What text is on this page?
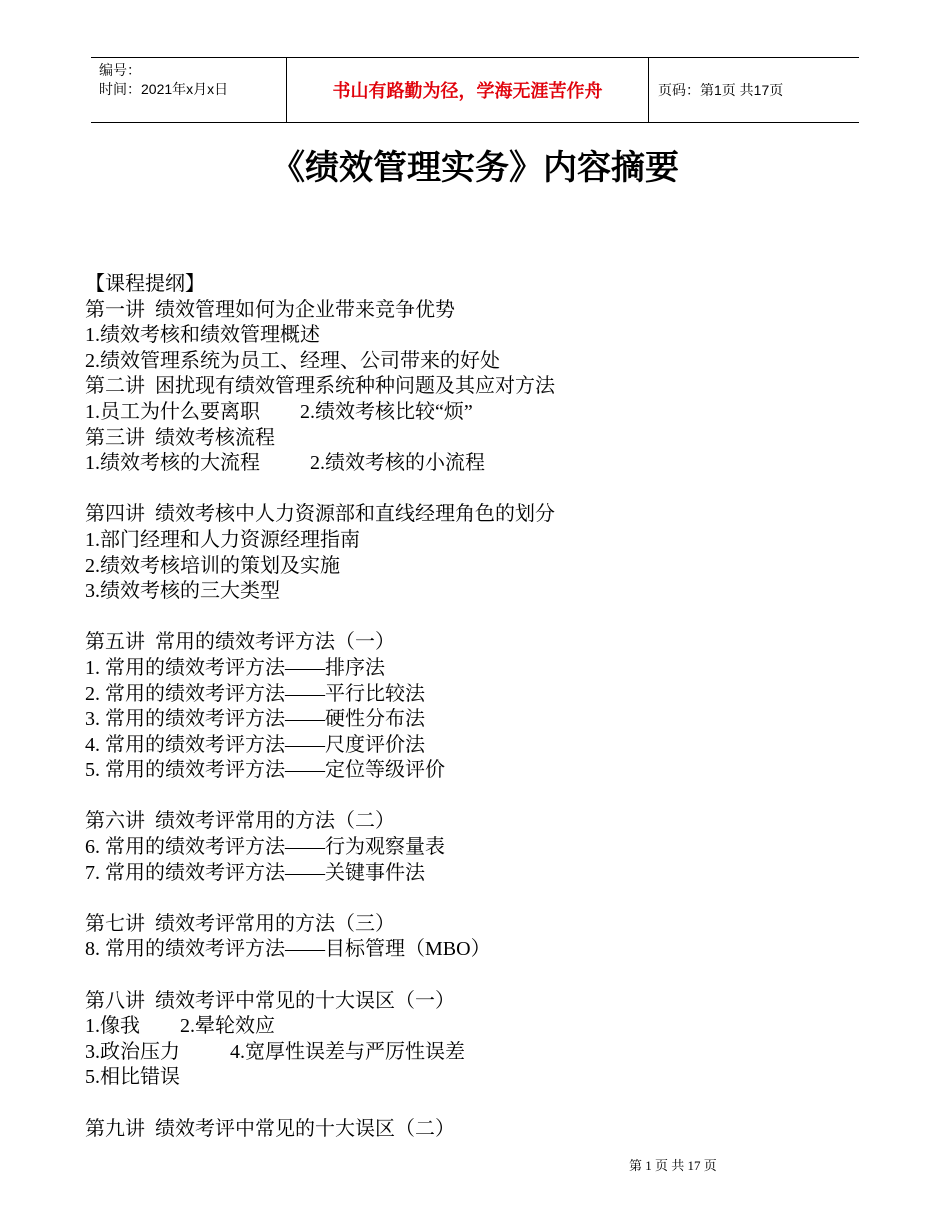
编号：
时间：2021年x月x日	书山有路勤为径，学海无涯苦作舟	页码：第1页 共17页
《绩效管理实务》内容摘要
【课程提纲】
第一讲  绩效管理如何为企业带来竞争优势
1.绩效考核和绩效管理概述
2.绩效管理系统为员工、经理、公司带来的好处
第二讲  困扰现有绩效管理系统种种问题及其应对方法
1.员工为什么要离职        2.绩效考核比较“烦”
第三讲  绩效考核流程
1.绩效考核的大流程          2.绩效考核的小流程
第四讲  绩效考核中人力资源部和直线经理角色的划分
1.部门经理和人力资源经理指南
2.绩效考核培训的策划及实施
3.绩效考核的三大类型
第五讲  常用的绩效考评方法（一）
1. 常用的绩效考评方法——排序法
2. 常用的绩效考评方法——平行比较法
3. 常用的绩效考评方法——硬性分布法
4. 常用的绩效考评方法——尺度评价法
5. 常用的绩效考评方法——定位等级评价
第六讲  绩效考评常用的方法（二）
6. 常用的绩效考评方法——行为观察量表
7. 常用的绩效考评方法——关键事件法
第七讲  绩效考评常用的方法（三）
8. 常用的绩效考评方法——目标管理（MBO）
第八讲  绩效考评中常见的十大误区（一）
1.像我        2.晕轮效应
3.政治压力          4.宽厚性误差与严厉性误差
5.相比错误
第九讲  绩效考评中常见的十大误区（二）
第 1 页 共 17 页
